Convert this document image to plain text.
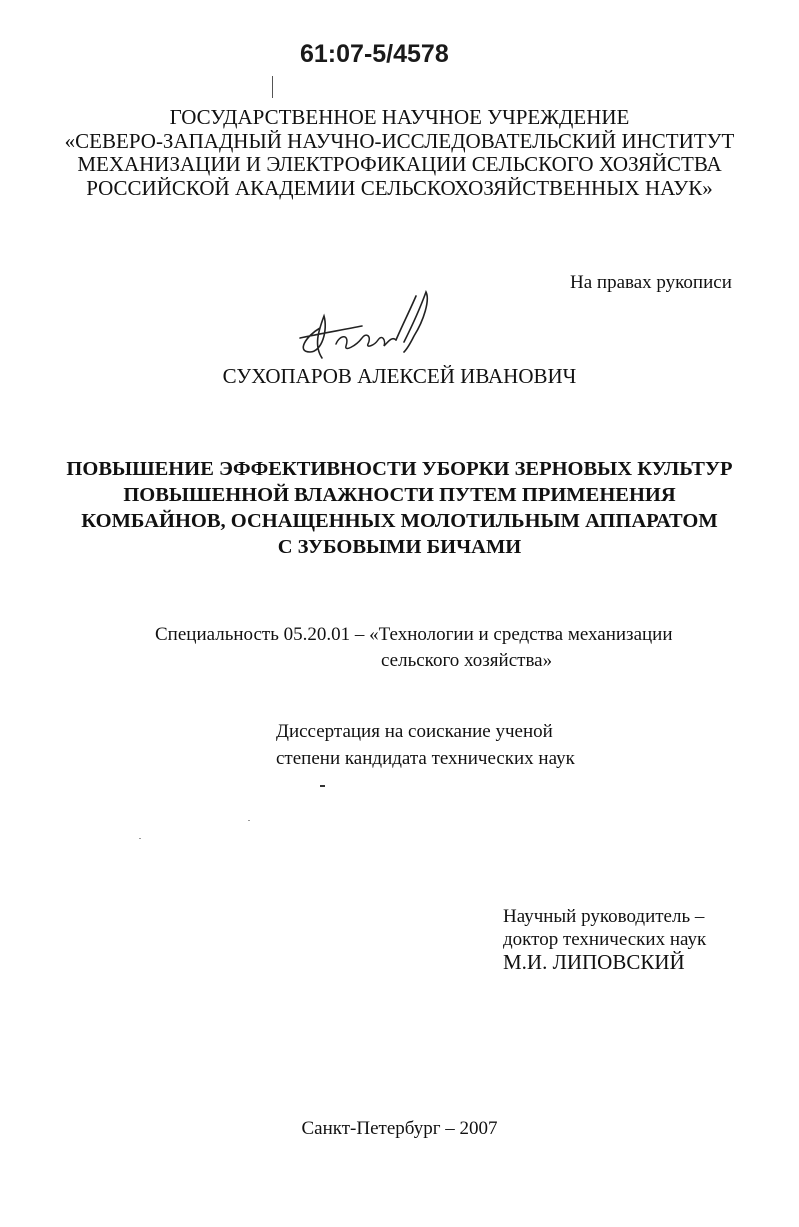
61:07-5/4578
ГОСУДАРСТВЕННОЕ НАУЧНОЕ УЧРЕЖДЕНИЕ
«СЕВЕРО-ЗАПАДНЫЙ НАУЧНО-ИССЛЕДОВАТЕЛЬСКИЙ ИНСТИТУТ
МЕХАНИЗАЦИИ И ЭЛЕКТРОФИКАЦИИ СЕЛЬСКОГО ХОЗЯЙСТВА
РОССИЙСКОЙ АКАДЕМИИ СЕЛЬСКОХОЗЯЙСТВЕННЫХ НАУК»
На правах рукописи
СУХОПАРОВ АЛЕКСЕЙ ИВАНОВИЧ
ПОВЫШЕНИЕ ЭФФЕКТИВНОСТИ УБОРКИ ЗЕРНОВЫХ КУЛЬТУР
ПОВЫШЕННОЙ ВЛАЖНОСТИ ПУТЕМ ПРИМЕНЕНИЯ
КОМБАЙНОВ, ОСНАЩЕННЫХ МОЛОТИЛЬНЫМ АППАРАТОМ
С ЗУБОВЫМИ БИЧАМИ
Специальность 05.20.01 – «Технологии и средства механизации
сельского хозяйства»
Диссертация на соискание ученой
степени кандидата технических наук
Научный руководитель –
доктор технических наук
М.И. ЛИПОВСКИЙ
Санкт-Петербург – 2007
